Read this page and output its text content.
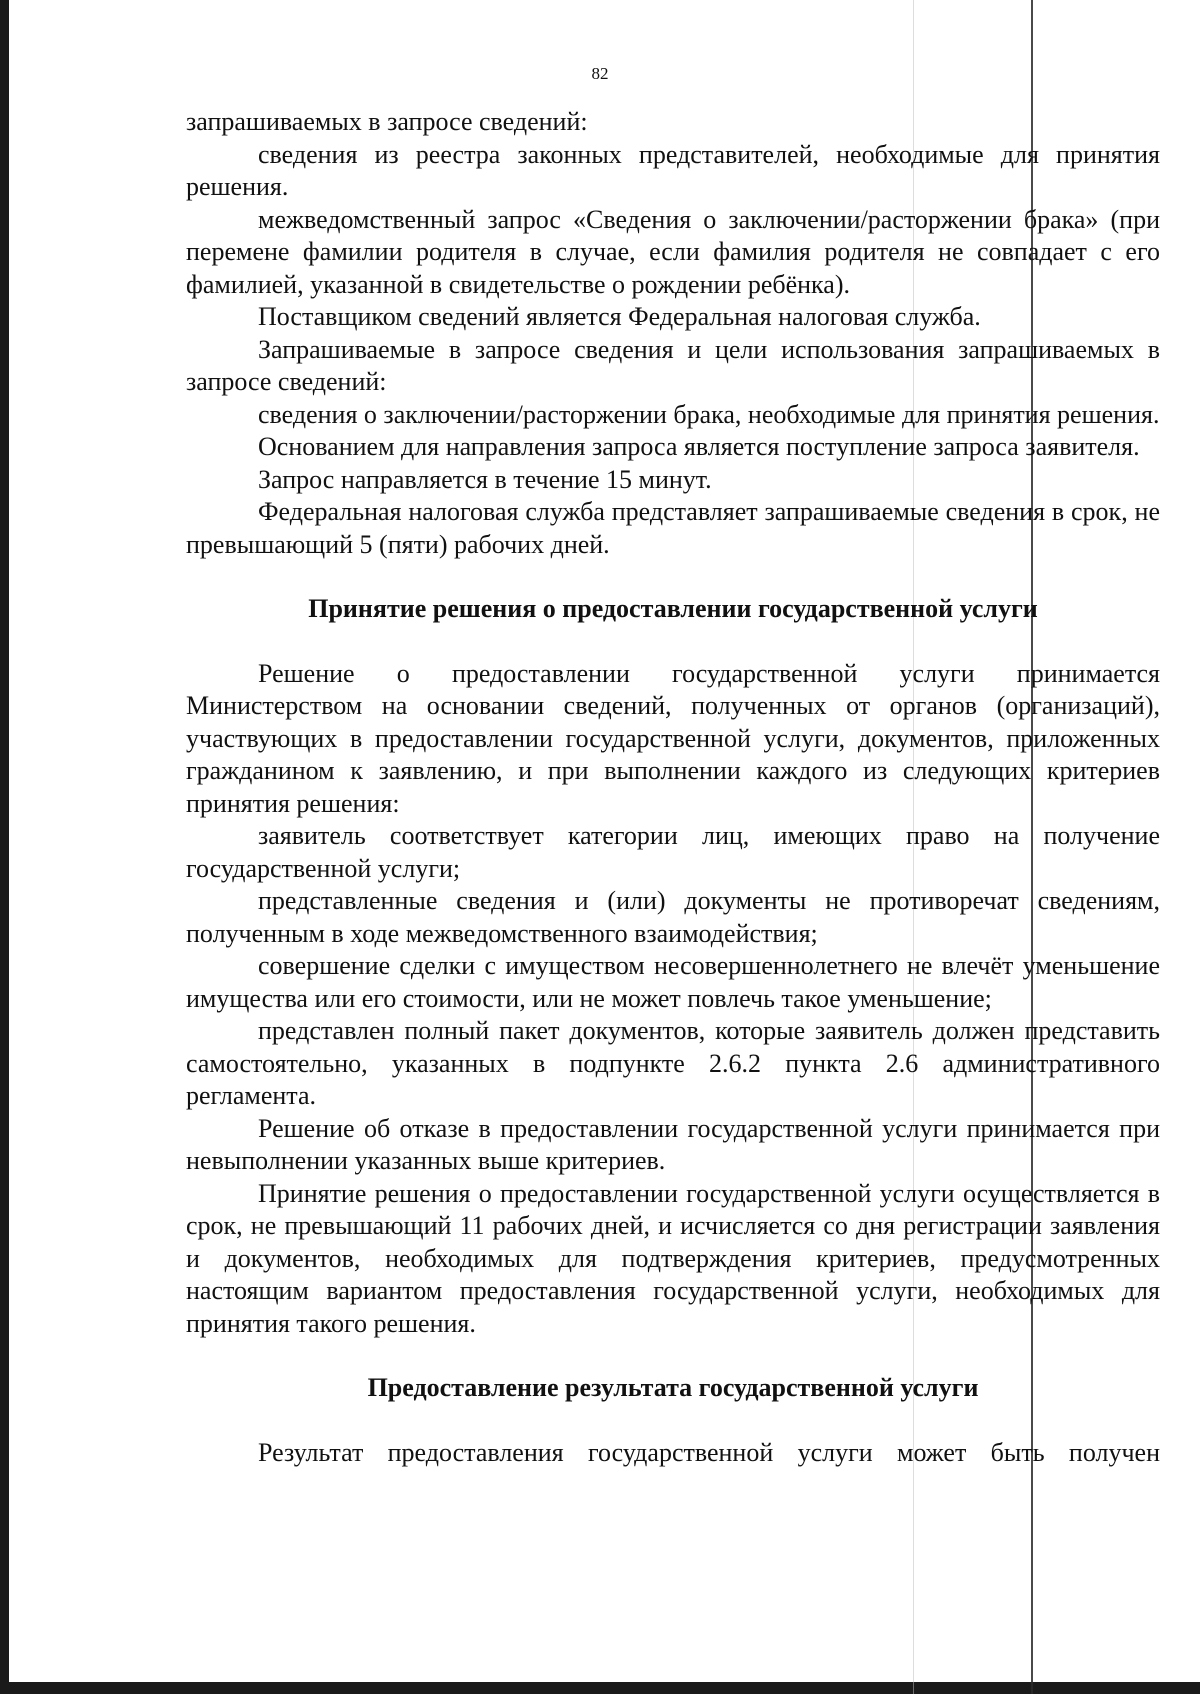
82

запрашиваемых в запросе сведений:

сведения из реестра законных представителей, необходимые для принятия решения.

межведомственный запрос «Сведения о заключении/расторжении брака» (при перемене фамилии родителя в случае, если фамилия родителя не совпадает с его фамилией, указанной в свидетельстве о рождении ребёнка).

Поставщиком сведений является Федеральная налоговая служба.

Запрашиваемые в запросе сведения и цели использования запрашиваемых в запросе сведений:

сведения о заключении/расторжении брака, необходимые для принятия решения.

Основанием для направления запроса является поступление запроса заявителя.

Запрос направляется в течение 15 минут.

Федеральная налоговая служба представляет запрашиваемые сведения в срок, не превышающий 5 (пяти) рабочих дней.

Принятие решения о предоставлении государственной услуги

Решение о предоставлении государственной услуги принимается Министерством на основании сведений, полученных от органов (организаций), участвующих в предоставлении государственной услуги, документов, приложенных гражданином к заявлению, и при выполнении каждого из следующих критериев принятия решения:

заявитель соответствует категории лиц, имеющих право на получение государственной услуги;

представленные сведения и (или) документы не противоречат сведениям, полученным в ходе межведомственного взаимодействия;

совершение сделки с имуществом несовершеннолетнего не влечёт уменьшение имущества или его стоимости, или не может повлечь такое уменьшение;

представлен полный пакет документов, которые заявитель должен представить самостоятельно, указанных в подпункте 2.6.2 пункта 2.6 административного регламента.

Решение об отказе в предоставлении государственной услуги принимается при невыполнении указанных выше критериев.

Принятие решения о предоставлении государственной услуги осуществляется в срок, не превышающий 11 рабочих дней, и исчисляется со дня регистрации заявления и документов, необходимых для подтверждения критериев, предусмотренных настоящим вариантом предоставления государственной услуги, необходимых для принятия такого решения.

Предоставление результата государственной услуги

Результат предоставления государственной услуги может быть получен
